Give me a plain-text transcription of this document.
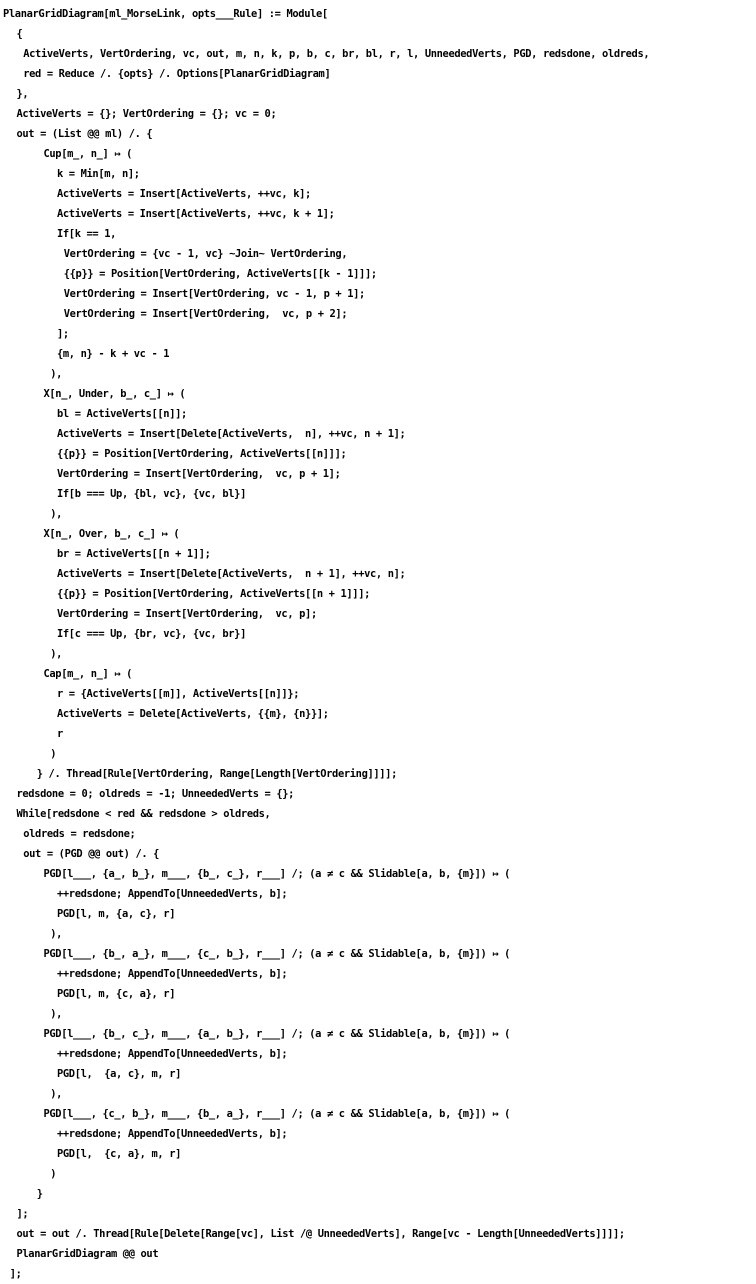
PlanarGridDiagram[ml_MorseLink, opts___Rule] := Module[
{
ActiveVerts, VertOrdering, vc, out, m, n, k, p, b, c, br, bl, r, l, UnneededVerts, PGD, redsdone, oldreds,
red = Reduce /. {opts} /. Options[PlanarGridDiagram]
},
ActiveVerts = {}; VertOrdering = {}; vc = 0;
out = (List @@ ml) /. {
Cup[m_, n_] ↦ (
k = Min[m, n];
ActiveVerts = Insert[ActiveVerts, ++vc, k];
ActiveVerts = Insert[ActiveVerts, ++vc, k + 1];
If[k == 1,
VertOrdering = {vc - 1, vc} ~Join~ VertOrdering,
{{p}} = Position[VertOrdering, ActiveVerts[[k - 1]]];
VertOrdering = Insert[VertOrdering, vc - 1, p + 1];
VertOrdering = Insert[VertOrdering,  vc, p + 2];
];
{m, n} - k + vc - 1
),
X[n_, Under, b_, c_] ↦ (
bl = ActiveVerts[[n]];
ActiveVerts = Insert[Delete[ActiveVerts,  n], ++vc, n + 1];
{{p}} = Position[VertOrdering, ActiveVerts[[n]]];
VertOrdering = Insert[VertOrdering,  vc, p + 1];
If[b === Up, {bl, vc}, {vc, bl}]
),
X[n_, Over, b_, c_] ↦ (
br = ActiveVerts[[n + 1]];
ActiveVerts = Insert[Delete[ActiveVerts,  n + 1], ++vc, n];
{{p}} = Position[VertOrdering, ActiveVerts[[n + 1]]];
VertOrdering = Insert[VertOrdering,  vc, p];
If[c === Up, {br, vc}, {vc, br}]
),
Cap[m_, n_] ↦ (
r = {ActiveVerts[[m]], ActiveVerts[[n]]};
ActiveVerts = Delete[ActiveVerts, {{m}, {n}}];
r
)
} /. Thread[Rule[VertOrdering, Range[Length[VertOrdering]]]];
redsdone = 0; oldreds = -1; UnneededVerts = {};
While[redsdone < red && redsdone > oldreds,
oldreds = redsdone;
out = (PGD @@ out) /. {
PGD[l___, {a_, b_}, m___, {b_, c_}, r___] /; (a ≠ c && Slidable[a, b, {m}]) ↦ (
++redsdone; AppendTo[UnneededVerts, b];
PGD[l, m, {a, c}, r]
),
PGD[l___, {b_, a_}, m___, {c_, b_}, r___] /; (a ≠ c && Slidable[a, b, {m}]) ↦ (
++redsdone; AppendTo[UnneededVerts, b];
PGD[l, m, {c, a}, r]
),
PGD[l___, {b_, c_}, m___, {a_, b_}, r___] /; (a ≠ c && Slidable[a, b, {m}]) ↦ (
++redsdone; AppendTo[UnneededVerts, b];
PGD[l,  {a, c}, m, r]
),
PGD[l___, {c_, b_}, m___, {b_, a_}, r___] /; (a ≠ c && Slidable[a, b, {m}]) ↦ (
++redsdone; AppendTo[UnneededVerts, b];
PGD[l,  {c, a}, m, r]
)
}
];
out = out /. Thread[Rule[Delete[Range[vc], List /@ UnneededVerts], Range[vc - Length[UnneededVerts]]]];
PlanarGridDiagram @@ out
];
